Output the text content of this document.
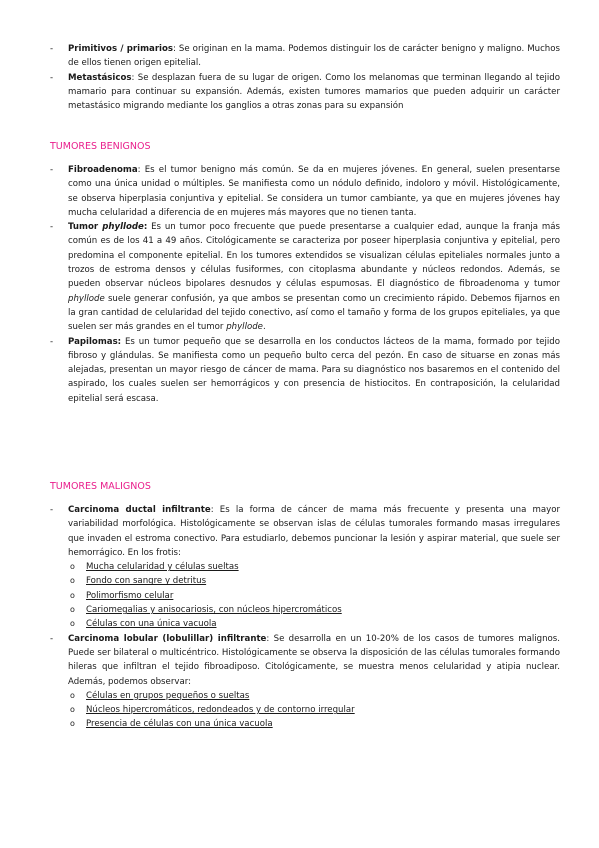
- Primitivos / primarios: Se originan en la mama. Podemos distinguir los de carácter benigno y maligno. Muchos de ellos tienen origen epitelial.
- Metastásicos: Se desplazan fuera de su lugar de origen. Como los melanomas que terminan llegando al tejido mamario para continuar su expansión. Además, existen tumores mamarios que pueden adquirir un carácter metastásico migrando mediante los ganglios a otras zonas para su expansión
TUMORES BENIGNOS
- Fibroadenoma: Es el tumor benigno más común. Se da en mujeres jóvenes. En general, suelen presentarse como una única unidad o múltiples. Se manifiesta como un nódulo definido, indoloro y móvil. Histológicamente, se observa hiperplasia conjuntiva y epitelial. Se considera un tumor cambiante, ya que en mujeres jóvenes hay mucha celularidad a diferencia de en mujeres más mayores que no tienen tanta.
- Tumor phyllode: Es un tumor poco frecuente que puede presentarse a cualquier edad, aunque la franja más común es de los 41 a 49 años. Citológicamente se caracteriza por poseer hiperplasia conjuntiva y epitelial, pero predomina el componente epitelial. En los tumores extendidos se visualizan células epiteliales normales junto a trozos de estroma densos y células fusiformes, con citoplasma abundante y núcleos redondos. Además, se pueden observar núcleos bipolares desnudos y células espumosas. El diagnóstico de fibroadenoma y tumor phyllode suele generar confusión, ya que ambos se presentan como un crecimiento rápido. Debemos fijarnos en la gran cantidad de celularidad del tejido conectivo, así como el tamaño y forma de los grupos epiteliales, ya que suelen ser más grandes en el tumor phyllode.
- Papilomas: Es un tumor pequeño que se desarrolla en los conductos lácteos de la mama, formado por tejido fibroso y glándulas. Se manifiesta como un pequeño bulto cerca del pezón. En caso de situarse en zonas más alejadas, presentan un mayor riesgo de cáncer de mama. Para su diagnóstico nos basaremos en el contenido del aspirado, los cuales suelen ser hemorrágicos y con presencia de histiocitos. En contraposición, la celularidad epitelial será escasa.
TUMORES MALIGNOS
- Carcinoma ductal infiltrante: Es la forma de cáncer de mama más frecuente y presenta una mayor variabilidad morfológica. Histológicamente se observan islas de células tumorales formando masas irregulares que invaden el estroma conectivo. Para estudiarlo, debemos puncionar la lesión y aspirar material, que suele ser hemorrágico. En los frotis:
o Mucha celularidad y células sueltas
o Fondo con sangre y detritus
o Polimorfismo celular
o Cariomegalias y anisocariosis, con núcleos hipercromáticos
o Células con una única vacuola
- Carcinoma lobular (lobulillar) infiltrante: Se desarrolla en un 10-20% de los casos de tumores malignos. Puede ser bilateral o multicéntrico. Histológicamente se observa la disposición de las células tumorales formando hileras que infiltran el tejido fibroadiposo. Citológicamente, se muestra menos celularidad y atipia nuclear. Además, podemos observar:
o Células en grupos pequeños o sueltas
o Núcleos hipercromáticos, redondeados y de contorno irregular
o Presencia de células con una única vacuola
